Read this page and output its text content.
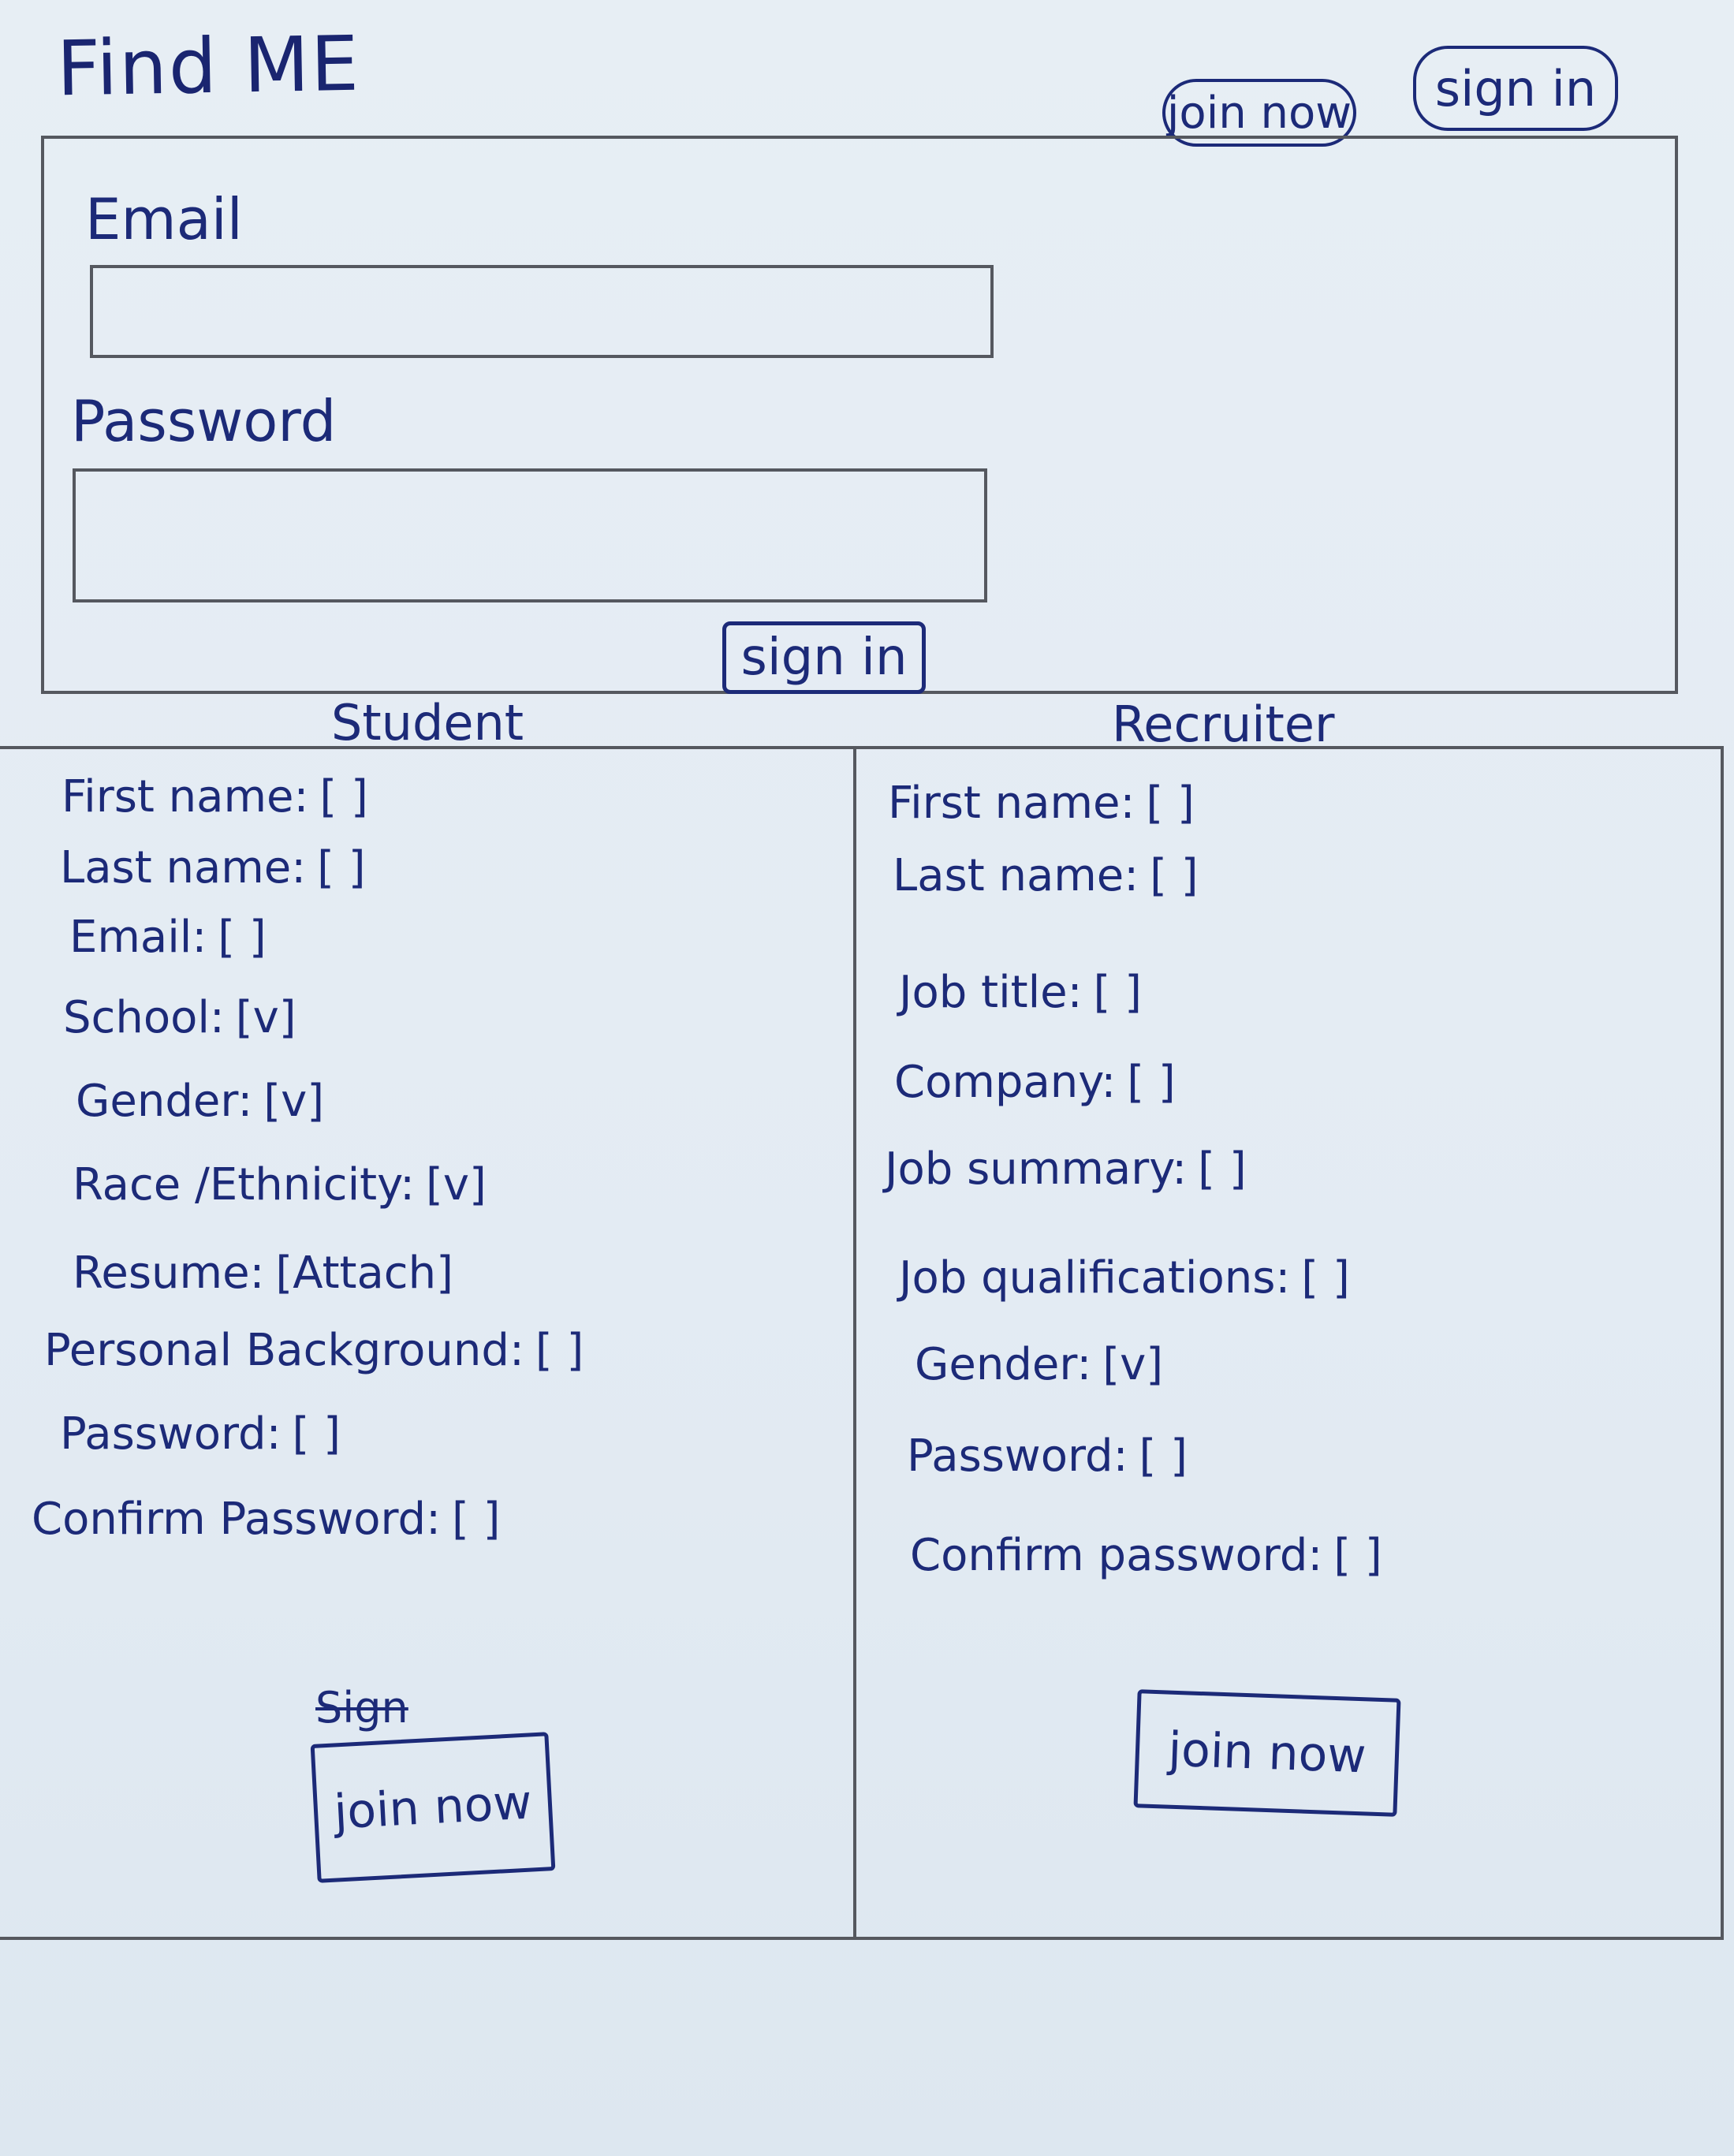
Find ME	join now	sign in
Email
Password
sign in
Student	Recruiter
First name: [ ]
Last name: [ ]
Email: [ ]
School: [v]
Gender: [v]
Race /Ethnicity: [v]
Resume: [Attach]
Personal Background: [ ]
Password: [ ]
Confirm Password: [ ]
Sign
join now
First name: [ ]
Last name: [ ]
Job title: [ ]
Company: [ ]
Job summary: [ ]
Job qualifications: [ ]
Gender: [v]
Password: [ ]
Confirm password: [ ]
join now
